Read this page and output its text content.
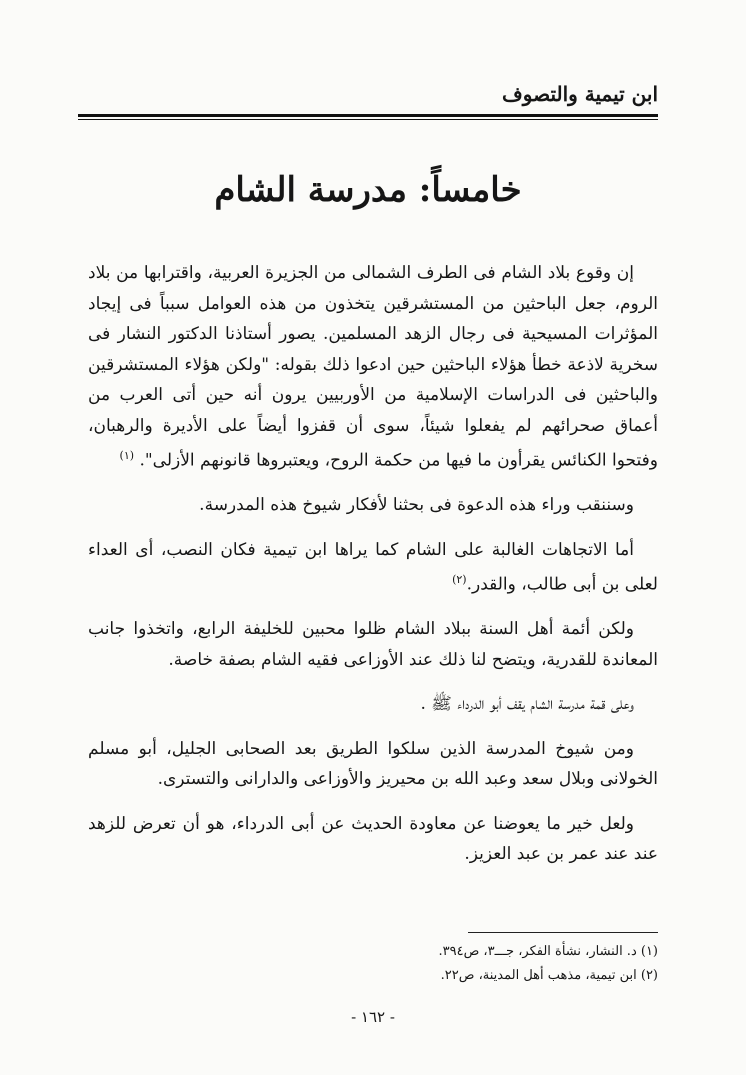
ابن تيمية والتصوف
خامساً: مدرسة الشام

إن وقوع بلاد الشام فى الطرف الشمالى من الجزيرة العربية، واقترابها من بلاد الروم، جعل الباحثين من المستشرقين يتخذون من هذه العوامل سبباً فى إيجاد المؤثرات المسيحية فى رجال الزهد المسلمين. يصور أستاذنا الدكتور النشار فى سخرية لاذعة خطأ هؤلاء الباحثين حين ادعوا ذلك بقوله: "ولكن هؤلاء المستشرقين والباحثين فى الدراسات الإسلامية من الأوربيين يرون أنه حين أتى العرب من أعماق صحرائهم لم يفعلوا شيئاً، سوى أن قفزوا أيضاً على الأديرة والرهبان، وفتحوا الكنائس يقرأون ما فيها من حكمة الروح، ويعتبروها قانونهم الأزلى". $^{(١)}$

وسننقب وراء هذه الدعوة فى بحثنا لأفكار شيوخ هذه المدرسة.

أما الاتجاهات الغالبة على الشام كما يراها ابن تيمية فكان النصب، أى العداء لعلى بن أبى طالب، والقدر.$^{(٢)}$

ولكن أئمة أهل السنة ببلاد الشام ظلوا محبين للخليفة الرابع، واتخذوا جانب المعاندة للقدرية، ويتضح لنا ذلك عند الأوزاعى فقيه الشام بصفة خاصة.

وعلى قمة مدرسة الشام يقف أبو الدرداء ﷺ .

ومن شيوخ المدرسة الذين سلكوا الطريق بعد الصحابى الجليل، أبو مسلم الخولانى وبلال سعد وعبد الله بن محيريز والأوزاعى والدارانى والتسترى.

ولعل خير ما يعوضنا عن معاودة الحديث عن أبى الدرداء، هو أن تعرض للزهد عند عند عمر بن عبد العزيز.

(١) د. النشار، نشأة الفكر، جـــ٣، ص٣٩٤.

(٢) ابن تيمية، مذهب أهل المدينة، ص٢٢.

- ١٦٢ -
